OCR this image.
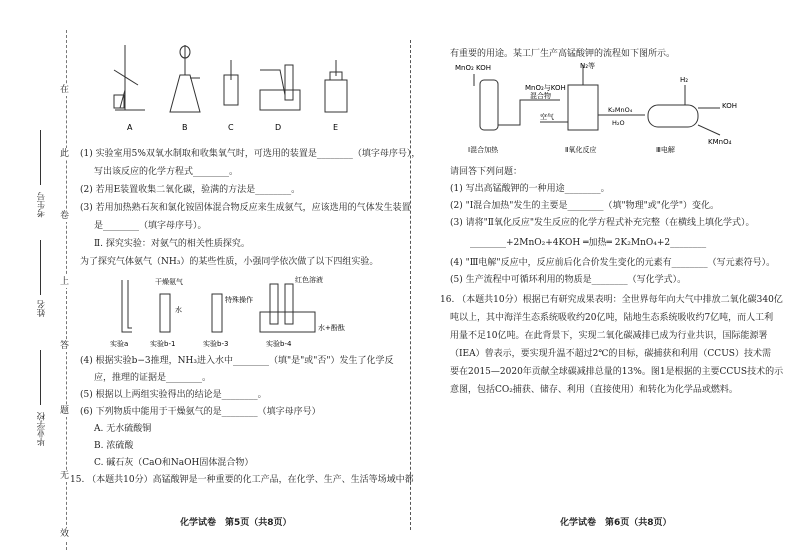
在
此
卷
上
答
题
无
效
考生号
姓名
毕业学校
A	B	C	D	E

(1) 实验室用5%双氧水制取和收集氧气时，可选用的装置是________（填字母序号），

写出该反应的化学方程式________。

(2) 若用E装置收集二氧化碳，验满的方法是________。

(3) 若用加热熟石灰和氯化铵固体混合物反应来生成氨气，应该选用的气体发生装置

是________（填字母序号）。

Ⅱ. 探究实验：对氨气的相关性质探究。

为了探究气体氨气（NH₃）的某些性质，小强同学依次做了以下四组实验。

干燥氨气
水
特殊操作
红色溶液
水+酚酞
实验a	实验b-1	实验b-3	实验b-4

(4) 根据实验b−3推理，NH₃进入水中________（填"是"或"否"）发生了化学反

应，推理的证据是________。

(5) 根据以上两组实验得出的结论是________。

(6) 下列物质中能用于干燥氨气的是________（填字母序号）

A. 无水硫酸铜

B. 浓硫酸

C. 碱石灰（CaO和NaOH固体混合物）

15. （本题共10分）高锰酸钾是一种重要的化工产品，在化学、生产、生活等场域中都

化学试卷　第5页（共8页）

有重要的用途。某工厂生产高锰酸钾的流程如下图所示。

MnO₂ KOH
MnO₂与KOH
混合物
N₂等
空气
K₂MnO₄
H₂O
H₂
KOH
KMnO₄
Ⅰ混合加热	Ⅱ氧化反应	Ⅲ电解

请回答下列问题：

(1) 写出高锰酸钾的一种用途________。

(2) "Ⅰ混合加热"发生的主要是________（填"物理"或"化学"）变化。

(3) 请将"Ⅱ氧化反应"发生反应的化学方程式补充完整（在横线上填化学式）。

________+2MnO₂+4KOH ═加热═ 2K₂MnO₄+2________

(4) "Ⅲ电解"反应中，反应前后化合价发生变化的元素有________（写元素符号）。

(5) 生产流程中可循环利用的物质是________（写化学式）。

16. （本题共10分）根据已有研究成果表明：全世界每年向大气中排放二氧化碳340亿

吨以上，其中海洋生态系统吸收约20亿吨，陆地生态系统吸收约7亿吨，而人工利

用量不足10亿吨。在此背景下，实现二氧化碳减排已成为行业共识，国际能源署

（IEA）曾表示，要实现升温不超过2℃的目标，碳捕获和利用（CCUS）技术需

要在2015—2020年贡献全球碳减排总量的13%。图1是根据的主要CCUS技术的示

意图，包括CO₂捕获、储存、利用（直接使用）和转化为化学品或燃料。

化学试卷　第6页（共8页）
